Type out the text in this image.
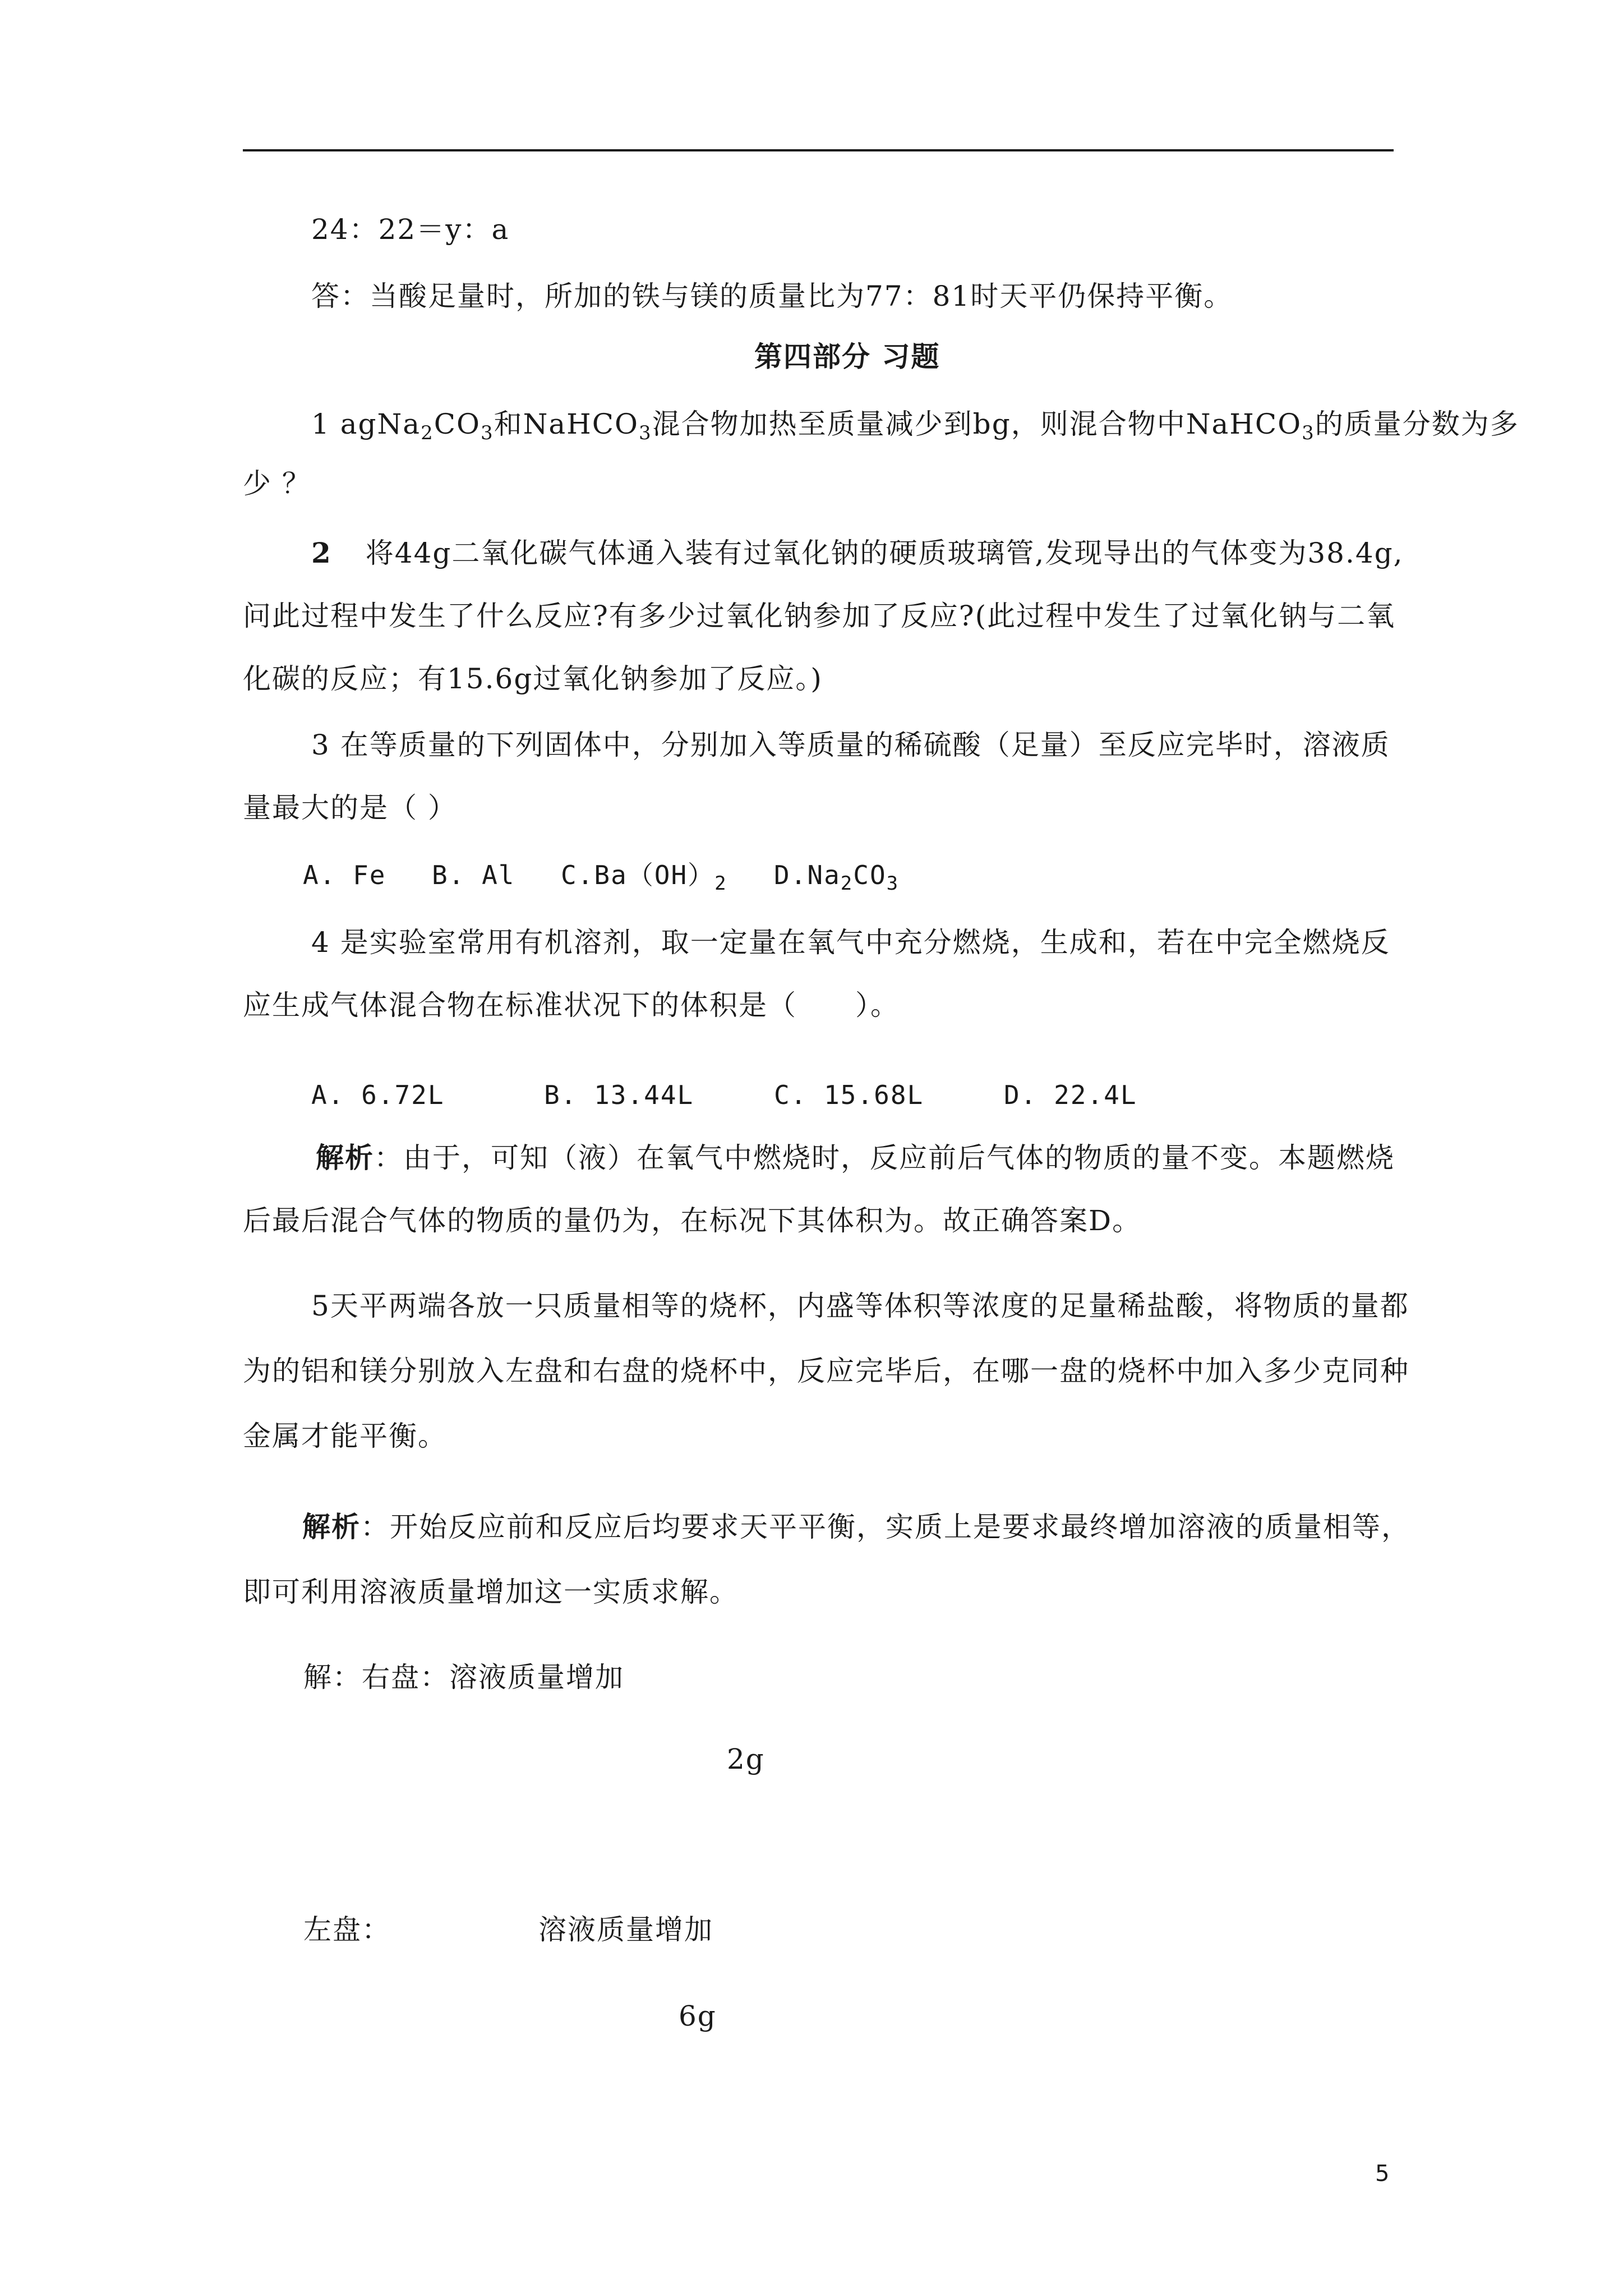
24：22＝y：a
答：当酸足量时，所加的铁与镁的质量比为77：81时天平仍保持平衡。
第四部分 习题
1 $agNa_2CO_3$和NaHCO$_3$混合物加热至质量减少到bg，则混合物中NaHCO$_3$的质量分数为多
少 ？
2 将44g二氧化碳气体通入装有过氧化钠的硬质玻璃管,发现导出的气体变为38.4g,
问此过程中发生了什么反应?有多少过氧化钠参加了反应?(此过程中发生了过氧化钠与二氧
化碳的反应；有15.6g过氧化钠参加了反应。)
3 在等质量的下列固体中，分别加入等质量的稀硫酸（足量）至反应完毕时，溶液质
量最大的是（ ）
A. Fe B. Al $C.Ba(OH)_2$ $D.Na_2CO_3$
4 是实验室常用有机溶剂，取一定量在氧气中充分燃烧，生成和，若在中完全燃烧反
应生成气体混合物在标准状况下的体积是（　　）。
A. 6.72L	B. 13.44L	C. 15.68L	D. 22.4L
解析：由于，可知（液）在氧气中燃烧时，反应前后气体的物质的量不变。本题燃烧
后最后混合气体的物质的量仍为，在标况下其体积为。故正确答案D。
5天平两端各放一只质量相等的烧杯，内盛等体积等浓度的足量稀盐酸，将物质的量都
为的铝和镁分别放入左盘和右盘的烧杯中，反应完毕后，在哪一盘的烧杯中加入多少克同种
金属才能平衡。
解析：开始反应前和反应后均要求天平平衡，实质上是要求最终增加溶液的质量相等，
即可利用溶液质量增加这一实质求解。
解：右盘：溶液质量增加
2g
左盘：	溶液质量增加
6g
5
